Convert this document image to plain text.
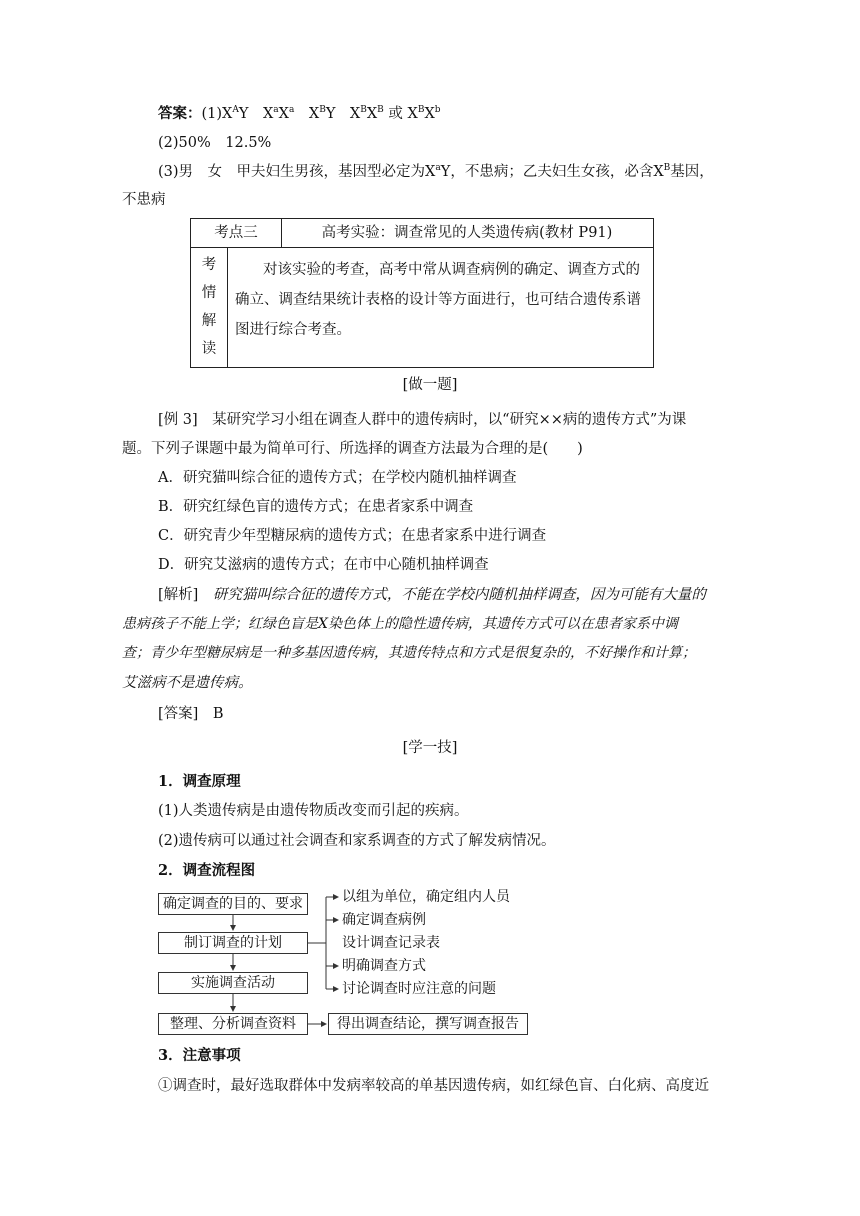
答案：$(1)X^AY$　$X^aX^a$　$X^BY$　$X^BX^B$ 或 $X^BX^b$
(2)50%　12.5%
(3)男　女　甲夫妇生男孩，基因型必定为$X^aY$，不患病；乙夫妇生女孩，必含$X^B$基因，
不患病
考点三	高考实验：调查常见的人类遗传病(教材 P91)
考
情
解
读
对该实验的考查，高考中常从调查病例的确定、调查方式的确立、调查结果统计表格的设计等方面进行，也可结合遗传系谱图进行综合考查。
[做一题]
[例 3]　 某研究学习小组在调查人群中的遗传病时，以“研究××病的遗传方式”为课
题。下列子课题中最为简单可行、所选择的调查方法最为合理的是(　　)
A．研究猫叫综合征的遗传方式；在学校内随机抽样调查
B．研究红绿色盲的遗传方式；在患者家系中调查
C．研究青少年型糖尿病的遗传方式；在患者家系中进行调查
D．研究艾滋病的遗传方式；在市中心随机抽样调查
[解析]　 研究猫叫综合征的遗传方式，不能在学校内随机抽样调查，因为可能有大量的
患病孩子不能上学；红绿色盲是X染色体上的隐性遗传病，其遗传方式可以在患者家系中调
查；青少年型糖尿病是一种多基因遗传病，其遗传特点和方式是很复杂的，不好操作和计算；
艾滋病不是遗传病。
[答案]　 B
[学一技]
1．调查原理
(1)人类遗传病是由遗传物质改变而引起的疾病。
(2)遗传病可以通过社会调查和家系调查的方式了解发病情况。
2．调查流程图
确定调查的目的、要求
制订调查的计划
实施调查活动
整理、分析调查资料	得出调查结论，撰写调查报告
以组为单位，确定组内人员
确定调查病例
设计调查记录表
明确调查方式
讨论调查时应注意的问题
3．注意事项
①调查时，最好选取群体中发病率较高的单基因遗传病，如红绿色盲、白化病、高度近
